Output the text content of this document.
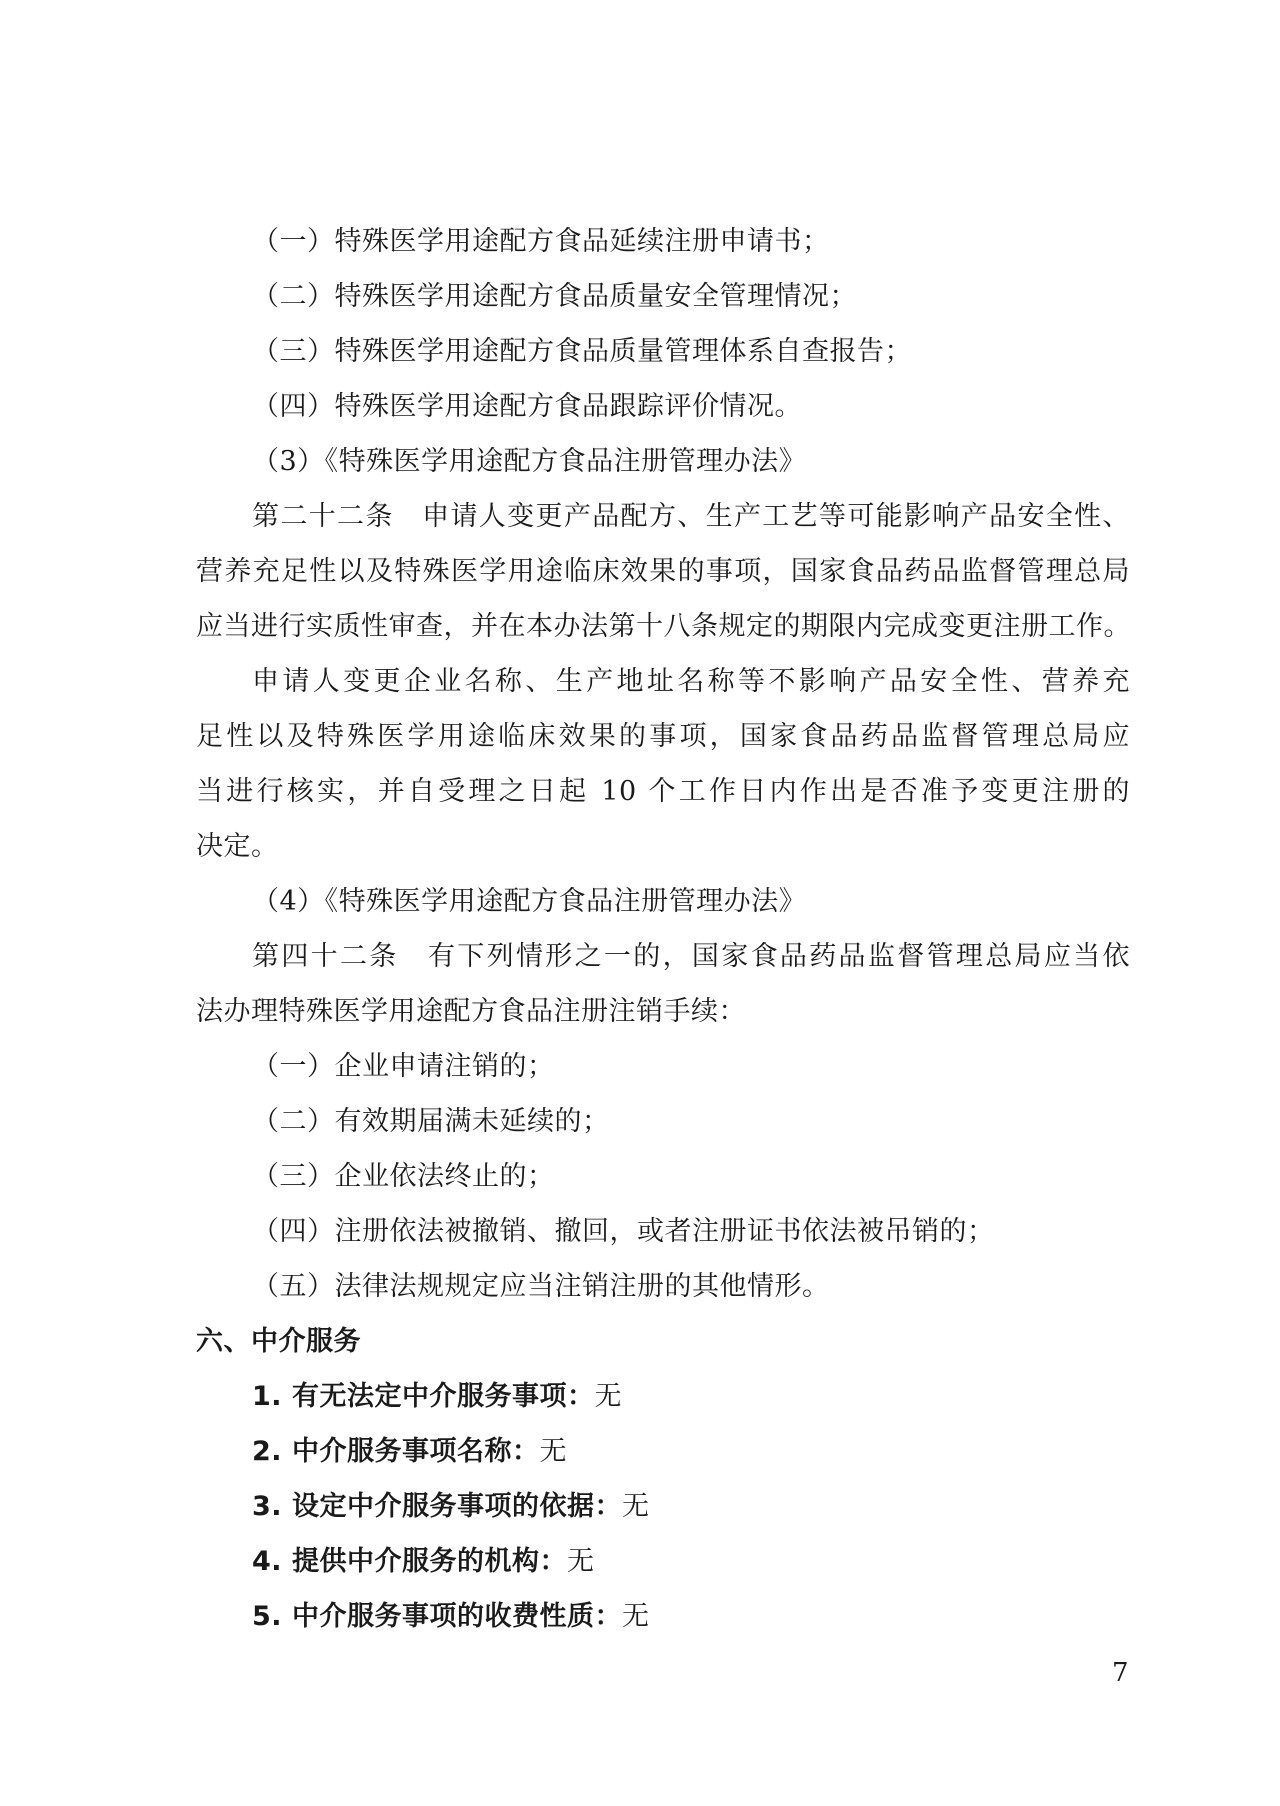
（一）特殊医学用途配方食品延续注册申请书；
（二）特殊医学用途配方食品质量安全管理情况；
（三）特殊医学用途配方食品质量管理体系自查报告；
（四）特殊医学用途配方食品跟踪评价情况。
（3）《特殊医学用途配方食品注册管理办法》
第二十二条　申请人变更产品配方、生产工艺等可能影响产品安全性、
营养充足性以及特殊医学用途临床效果的事项，国家食品药品监督管理总局
应当进行实质性审查，并在本办法第十八条规定的期限内完成变更注册工作。
申请人变更企业名称、生产地址名称等不影响产品安全性、营养充
足性以及特殊医学用途临床效果的事项，国家食品药品监督管理总局应
当进行核实，并自受理之日起 10 个工作日内作出是否准予变更注册的
决定。
（4）《特殊医学用途配方食品注册管理办法》
第四十二条　有下列情形之一的，国家食品药品监督管理总局应当依
法办理特殊医学用途配方食品注册注销手续：
（一）企业申请注销的；
（二）有效期届满未延续的；
（三）企业依法终止的；
（四）注册依法被撤销、撤回，或者注册证书依法被吊销的；
（五）法律法规规定应当注销注册的其他情形。
六、中介服务
1. 有无法定中介服务事项：无
2. 中介服务事项名称：无
3. 设定中介服务事项的依据：无
4. 提供中介服务的机构：无
5. 中介服务事项的收费性质：无
7
